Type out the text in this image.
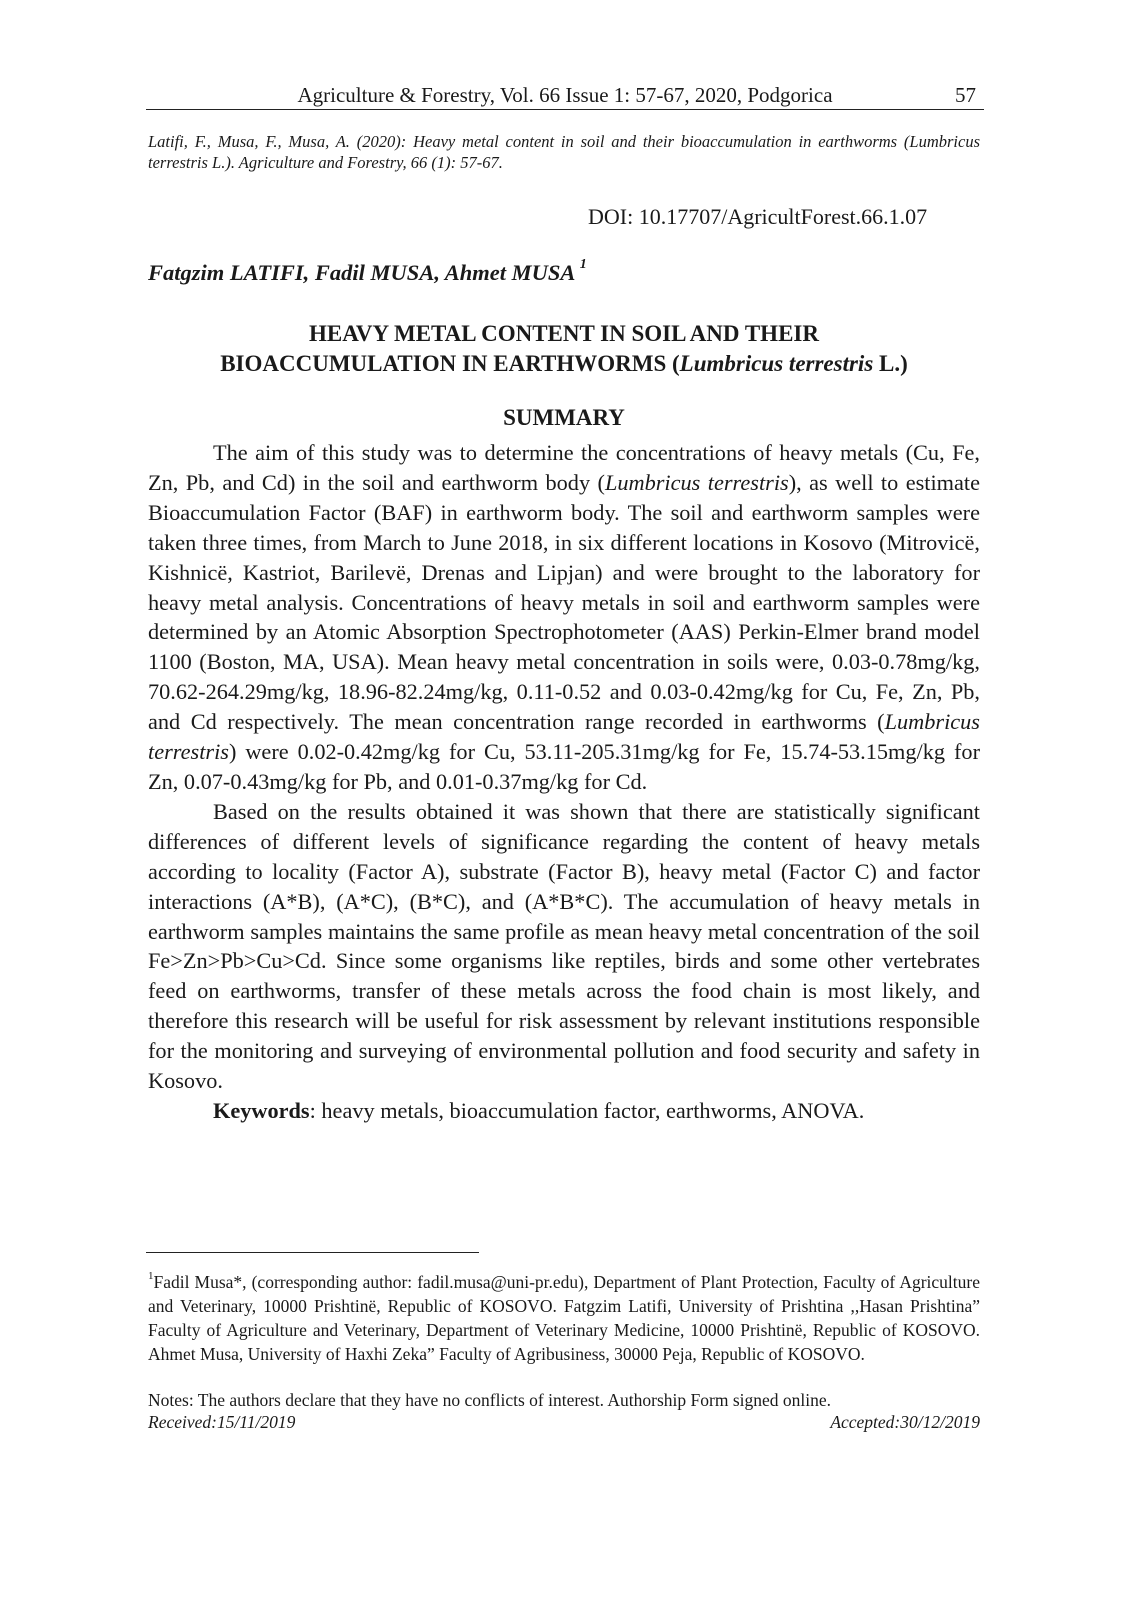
Agriculture & Forestry, Vol. 66 Issue 1: 57-67, 2020, Podgorica	57
Latifi, F., Musa, F., Musa, A. (2020): Heavy metal content in soil and their bioaccumulation in earthworms (Lumbricus terrestris L.). Agriculture and Forestry, 66 (1): 57-67.
DOI: 10.17707/AgricultForest.66.1.07
Fatgzim LATIFI, Fadil MUSA, Ahmet MUSA $^1$
HEAVY METAL CONTENT IN SOIL AND THEIR
BIOACCUMULATION IN EARTHWORMS (Lumbricus terrestris L.)
SUMMARY

The aim of this study was to determine the concentrations of heavy metals (Cu, Fe, Zn, Pb, and Cd) in the soil and earthworm body (Lumbricus terrestris), as well to estimate Bioaccumulation Factor (BAF) in earthworm body. The soil and earthworm samples were taken three times, from March to June 2018, in six different locations in Kosovo (Mitrovicë, Kishnicë, Kastriot, Barilevë, Drenas and Lipjan) and were brought to the laboratory for heavy metal analysis. Concentrations of heavy metals in soil and earthworm samples were determined by an Atomic Absorption Spectrophotometer (AAS) Perkin-Elmer brand model 1100 (Boston, MA, USA). Mean heavy metal concentration in soils were, 0.03-0.78mg/kg, 70.62-264.29mg/kg, 18.96-82.24mg/kg, 0.11-0.52 and 0.03-0.42mg/kg for Cu, Fe, Zn, Pb, and Cd respectively. The mean concentration range recorded in earthworms (Lumbricus terrestris) were 0.02-0.42mg/kg for Cu, 53.11-205.31mg/kg for Fe, 15.74-53.15mg/kg for Zn, 0.07-0.43mg/kg for Pb, and 0.01-0.37mg/kg for Cd.

Based on the results obtained it was shown that there are statistically significant differences of different levels of significance regarding the content of heavy metals according to locality (Factor A), substrate (Factor B), heavy metal (Factor C) and factor interactions (A*B), (A*C), (B*C), and (A*B*C). The accumulation of heavy metals in earthworm samples maintains the same profile as mean heavy metal concentration of the soil Fe>Zn>Pb>Cu>Cd. Since some organisms like reptiles, birds and some other vertebrates feed on earthworms, transfer of these metals across the food chain is most likely, and therefore this research will be useful for risk assessment by relevant institutions responsible for the monitoring and surveying of environmental pollution and food security and safety in Kosovo.

Keywords: heavy metals, bioaccumulation factor, earthworms, ANOVA.

$^1$Fadil Musa*, (corresponding author: fadil.musa@uni-pr.edu), Department of Plant Protection, Faculty of Agriculture and Veterinary, 10000 Prishtinë, Republic of KOSOVO. Fatgzim Latifi, University of Prishtina ,,Hasan Prishtina” Faculty of Agriculture and Veterinary, Department of Veterinary Medicine, 10000 Prishtinë, Republic of KOSOVO. Ahmet Musa, University of Haxhi Zeka” Faculty of Agribusiness, 30000 Peja, Republic of KOSOVO.
Notes: The authors declare that they have no conflicts of interest. Authorship Form signed online.
Received:15/11/2019	Accepted:30/12/2019
